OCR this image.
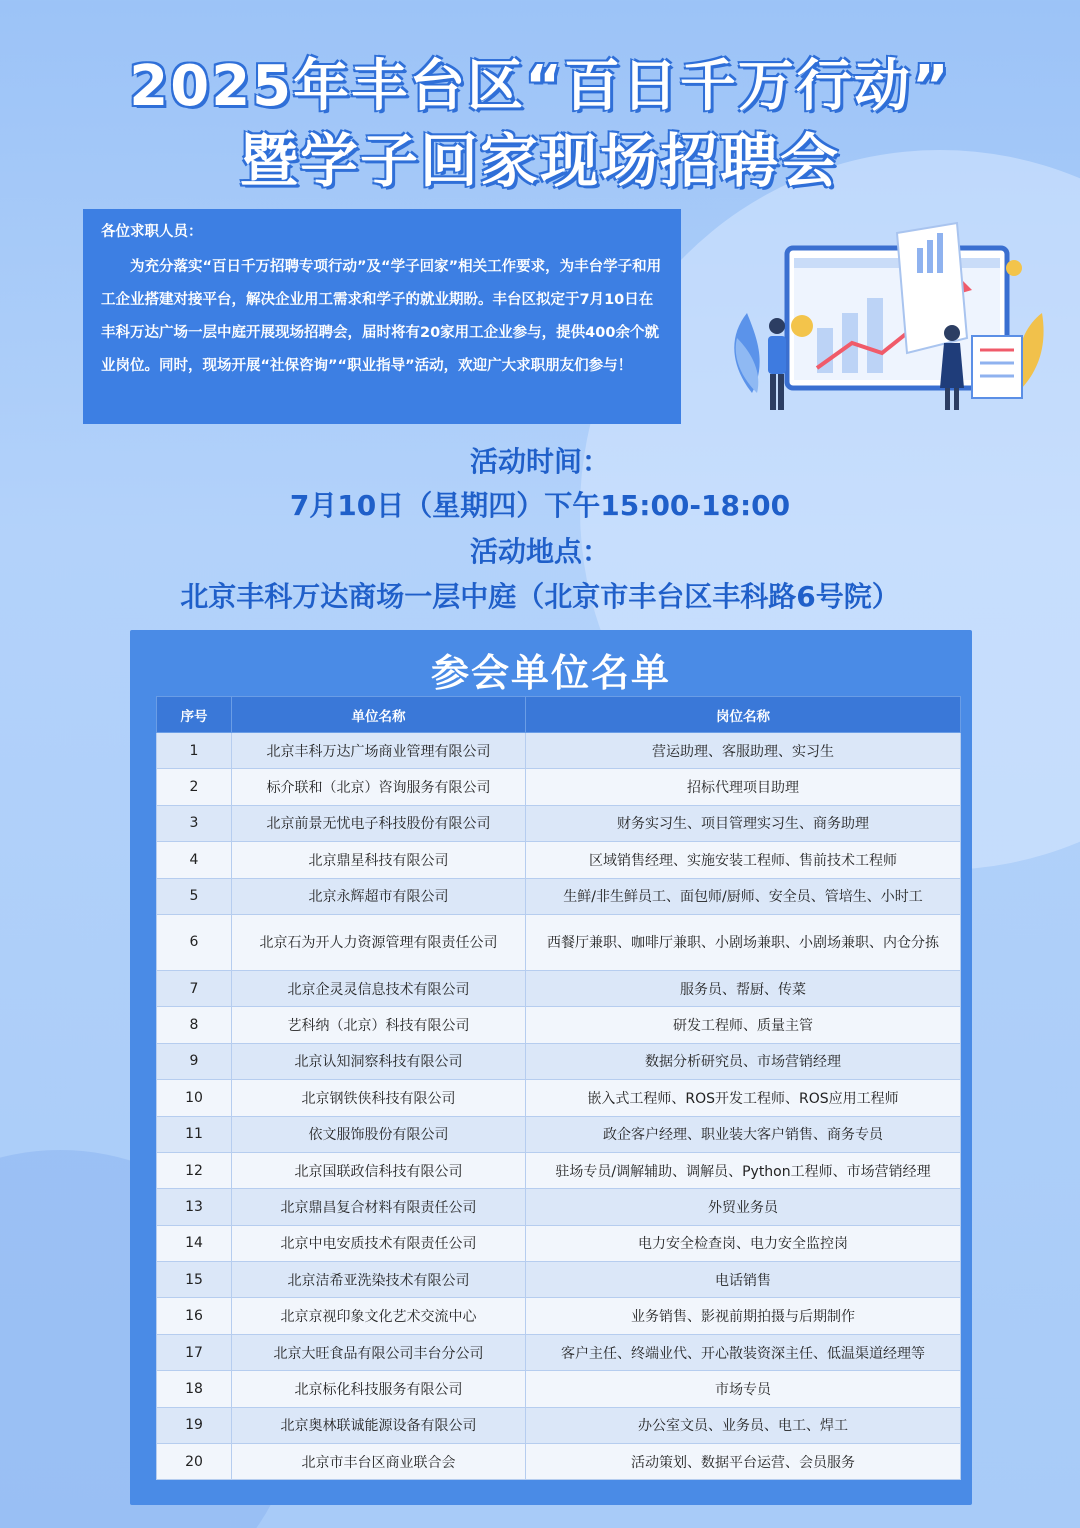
2025年丰台区“百日千万行动”
暨学子回家现场招聘会
各位求职人员：
为充分落实“百日千万招聘专项行动”及“学子回家”相关工作要求，为丰台学子和用工企业搭建对接平台，解决企业用工需求和学子的就业期盼。丰台区拟定于7月10日在丰科万达广场一层中庭开展现场招聘会，届时将有20家用工企业参与，提供400余个就业岗位。同时，现场开展“社保咨询”“职业指导”活动，欢迎广大求职朋友们参与！
活动时间：
7月10日（星期四）下午15:00-18:00
活动地点：
北京丰科万达商场一层中庭（北京市丰台区丰科路6号院）
参会单位名单
序号	单位名称	岗位名称
1	北京丰科万达广场商业管理有限公司	营运助理、客服助理、实习生
2	标介联和（北京）咨询服务有限公司	招标代理项目助理
3	北京前景无忧电子科技股份有限公司	财务实习生、项目管理实习生、商务助理
4	北京鼎星科技有限公司	区域销售经理、实施安装工程师、售前技术工程师
5	北京永辉超市有限公司	生鲜/非生鲜员工、面包师/厨师、安全员、管培生、小时工
6	北京石为开人力资源管理有限责任公司	西餐厅兼职、咖啡厅兼职、小剧场兼职、小剧场兼职、内仓分拣
7	北京企灵灵信息技术有限公司	服务员、帮厨、传菜
8	艺科纳（北京）科技有限公司	研发工程师、质量主管
9	北京认知洞察科技有限公司	数据分析研究员、市场营销经理
10	北京钢铁侠科技有限公司	嵌入式工程师、ROS开发工程师、ROS应用工程师
11	依文服饰股份有限公司	政企客户经理、职业装大客户销售、商务专员
12	北京国联政信科技有限公司	驻场专员/调解辅助、调解员、Python工程师、市场营销经理
13	北京鼎昌复合材料有限责任公司	外贸业务员
14	北京中电安质技术有限责任公司	电力安全检查岗、电力安全监控岗
15	北京洁希亚洗染技术有限公司	电话销售
16	北京京视印象文化艺术交流中心	业务销售、影视前期拍摄与后期制作
17	北京大旺食品有限公司丰台分公司	客户主任、终端业代、开心散装资深主任、低温渠道经理等
18	北京标化科技服务有限公司	市场专员
19	北京奥林联诚能源设备有限公司	办公室文员、业务员、电工、焊工
20	北京市丰台区商业联合会	活动策划、数据平台运营、会员服务
